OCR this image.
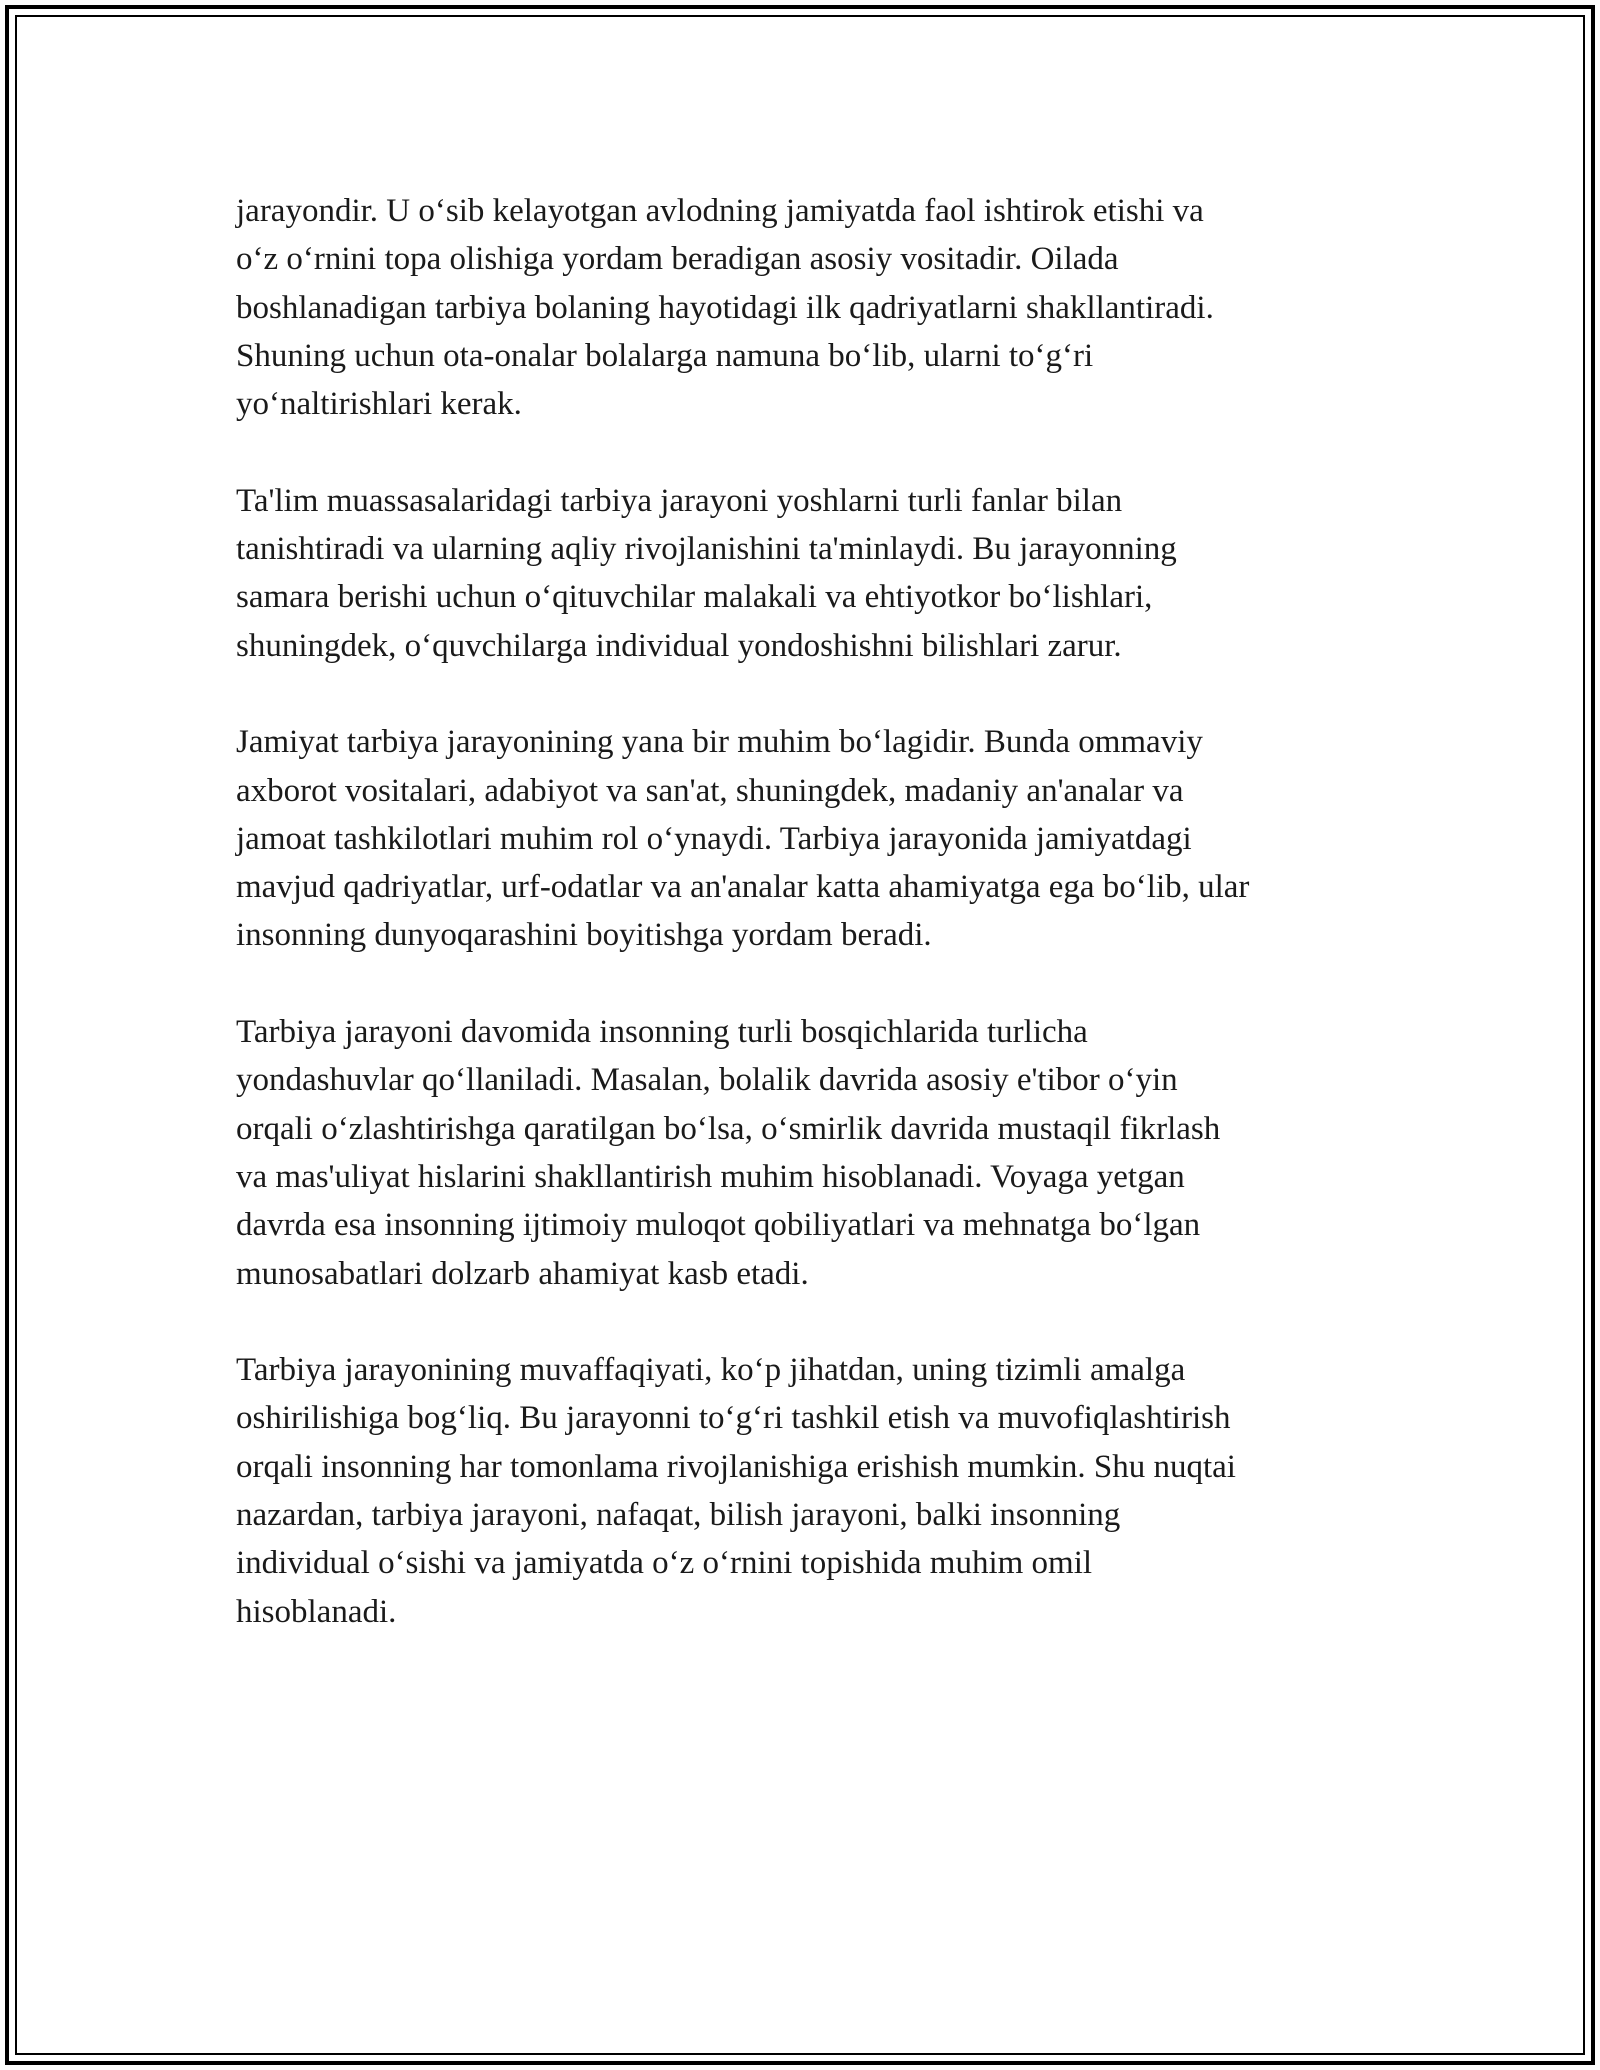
jarayondir. U o‘sib kelayotgan avlodning jamiyatda faol ishtirok etishi va
o‘z o‘rnini topa olishiga yordam beradigan asosiy vositadir. Oilada
boshlanadigan tarbiya bolaning hayotidagi ilk qadriyatlarni shakllantiradi.
Shuning uchun ota-onalar bolalarga namuna bo‘lib, ularni to‘g‘ri
yo‘naltirishlari kerak.

Ta'lim muassasalaridagi tarbiya jarayoni yoshlarni turli fanlar bilan
tanishtiradi va ularning aqliy rivojlanishini ta'minlaydi. Bu jarayonning
samara berishi uchun o‘qituvchilar malakali va ehtiyotkor bo‘lishlari,
shuningdek, o‘quvchilarga individual yondoshishni bilishlari zarur.

Jamiyat tarbiya jarayonining yana bir muhim bo‘lagidir. Bunda ommaviy
axborot vositalari, adabiyot va san'at, shuningdek, madaniy an'analar va
jamoat tashkilotlari muhim rol o‘ynaydi. Tarbiya jarayonida jamiyatdagi
mavjud qadriyatlar, urf-odatlar va an'analar katta ahamiyatga ega bo‘lib, ular
insonning dunyoqarashini boyitishga yordam beradi.

Tarbiya jarayoni davomida insonning turli bosqichlarida turlicha
yondashuvlar qo‘llaniladi. Masalan, bolalik davrida asosiy e'tibor o‘yin
orqali o‘zlashtirishga qaratilgan bo‘lsa, o‘smirlik davrida mustaqil fikrlash
va mas'uliyat hislarini shakllantirish muhim hisoblanadi. Voyaga yetgan
davrda esa insonning ijtimoiy muloqot qobiliyatlari va mehnatga bo‘lgan
munosabatlari dolzarb ahamiyat kasb etadi.

Tarbiya jarayonining muvaffaqiyati, ko‘p jihatdan, uning tizimli amalga
oshirilishiga bog‘liq. Bu jarayonni to‘g‘ri tashkil etish va muvofiqlashtirish
orqali insonning har tomonlama rivojlanishiga erishish mumkin. Shu nuqtai
nazardan, tarbiya jarayoni, nafaqat, bilish jarayoni, balki insonning
individual o‘sishi va jamiyatda o‘z o‘rnini topishida muhim omil
hisoblanadi.
